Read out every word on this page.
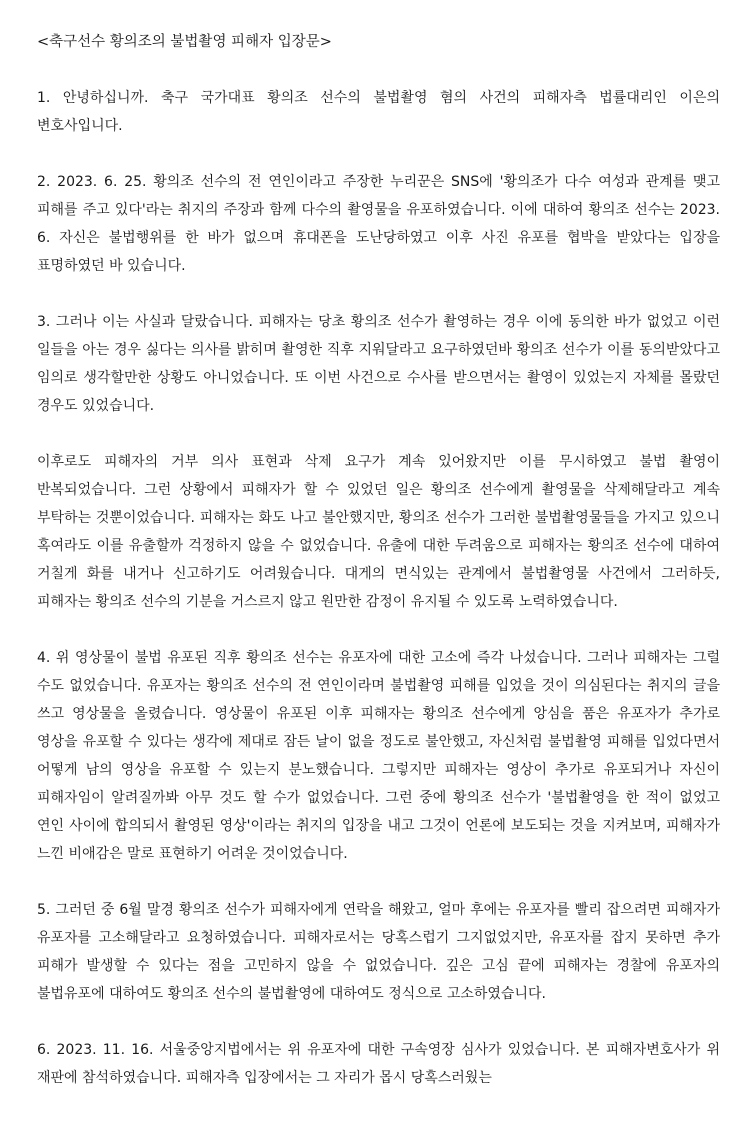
<축구선수 황의조의 불법촬영 피해자 입장문>

1. 안녕하십니까. 축구 국가대표 황의조 선수의 불법촬영 혐의 사건의 피해자측 법률대리인 이은의 변호사입니다.

2. 2023. 6. 25. 황의조 선수의 전 연인이라고 주장한 누리꾼은 SNS에 '황의조가 다수 여성과 관계를 맺고 피해를 주고 있다'라는 취지의 주장과 함께 다수의 촬영물을 유포하였습니다. 이에 대하여 황의조 선수는 2023. 6. 자신은 불법행위를 한 바가 없으며 휴대폰을 도난당하였고 이후 사진 유포를 협박을 받았다는 입장을 표명하였던 바 있습니다.

3. 그러나 이는 사실과 달랐습니다. 피해자는 당초 황의조 선수가 촬영하는 경우 이에 동의한 바가 없었고 이런 일들을 아는 경우 싫다는 의사를 밝히며 촬영한 직후 지워달라고 요구하였던바 황의조 선수가 이를 동의받았다고 임의로 생각할만한 상황도 아니었습니다. 또 이번 사건으로 수사를 받으면서는 촬영이 있었는지 자체를 몰랐던 경우도 있었습니다.

이후로도 피해자의 거부 의사 표현과 삭제 요구가 계속 있어왔지만 이를 무시하였고 불법 촬영이 반복되었습니다. 그런 상황에서 피해자가 할 수 있었던 일은 황의조 선수에게 촬영물을 삭제해달라고 계속 부탁하는 것뿐이었습니다. 피해자는 화도 나고 불안했지만, 황의조 선수가 그러한 불법촬영물들을 가지고 있으니 혹여라도 이를 유출할까 걱정하지 않을 수 없었습니다. 유출에 대한 두려움으로 피해자는 황의조 선수에 대하여 거칠게 화를 내거나 신고하기도 어려웠습니다. 대게의 면식있는 관계에서 불법촬영물 사건에서 그러하듯, 피해자는 황의조 선수의 기분을 거스르지 않고 원만한 감정이 유지될 수 있도록 노력하였습니다.

4. 위 영상물이 불법 유포된 직후 황의조 선수는 유포자에 대한 고소에 즉각 나섰습니다. 그러나 피해자는 그럴 수도 없었습니다. 유포자는 황의조 선수의 전 연인이라며 불법촬영 피해를 입었을 것이 의심된다는 취지의 글을 쓰고 영상물을 올렸습니다. 영상물이 유포된 이후 피해자는 황의조 선수에게 앙심을 품은 유포자가 추가로 영상을 유포할 수 있다는 생각에 제대로 잠든 날이 없을 정도로 불안했고, 자신처럼 불법촬영 피해를 입었다면서 어떻게 남의 영상을 유포할 수 있는지 분노했습니다. 그렇지만 피해자는 영상이 추가로 유포되거나 자신이 피해자임이 알려질까봐 아무 것도 할 수가 없었습니다. 그런 중에 황의조 선수가 '불법촬영을 한 적이 없었고 연인 사이에 합의되서 촬영된 영상'이라는 취지의 입장을 내고 그것이 언론에 보도되는 것을 지켜보며, 피해자가 느낀 비애감은 말로 표현하기 어려운 것이었습니다.

5. 그러던 중 6월 말경 황의조 선수가 피해자에게 연락을 해왔고, 얼마 후에는 유포자를 빨리 잡으려면 피해자가 유포자를 고소해달라고 요청하였습니다. 피해자로서는 당혹스럽기 그지없었지만, 유포자를 잡지 못하면 추가 피해가 발생할 수 있다는 점을 고민하지 않을 수 없었습니다. 깊은 고심 끝에 피해자는 경찰에 유포자의 불법유포에 대하여도 황의조 선수의 불법촬영에 대하여도 정식으로 고소하였습니다.

6. 2023. 11. 16. 서울중앙지법에서는 위 유포자에 대한 구속영장 심사가 있었습니다. 본 피해자변호사가 위 재판에 참석하였습니다. 피해자측 입장에서는 그 자리가 몹시 당혹스러웠는
